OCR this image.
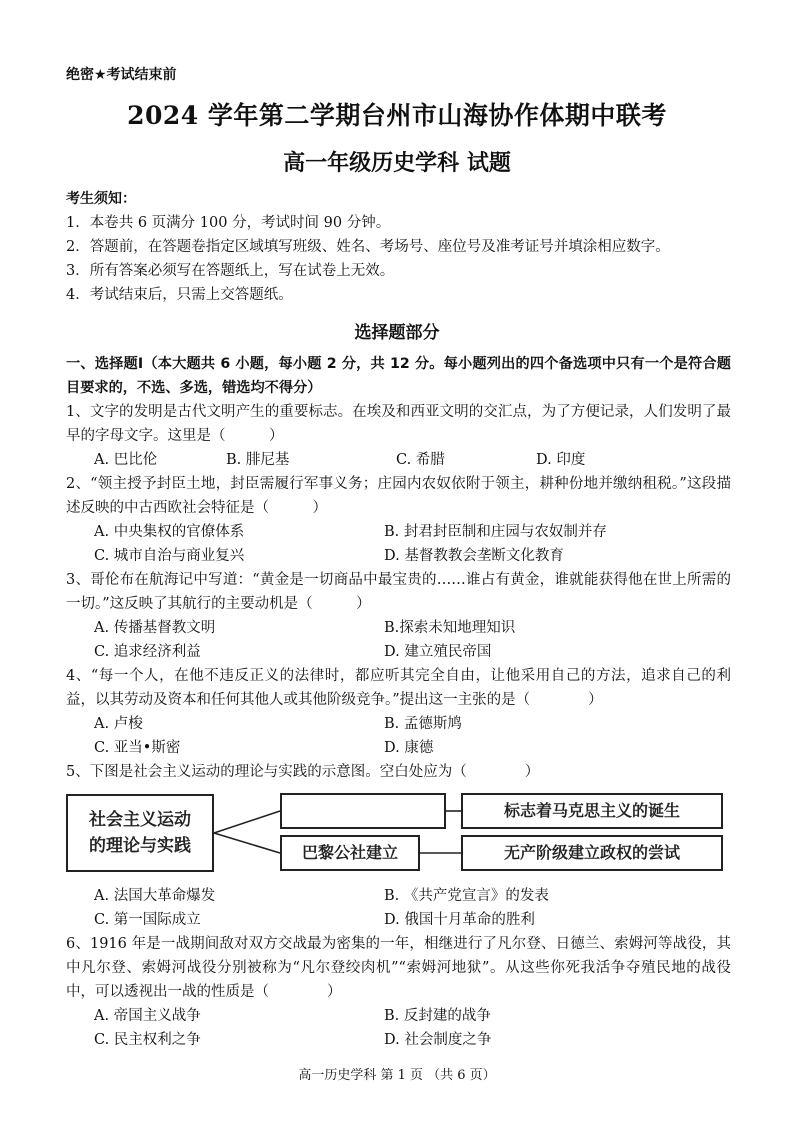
绝密★考试结束前
2024 学年第二学期台州市山海协作体期中联考
高一年级历史学科 试题
考生须知：
1．本卷共 6 页满分 100 分，考试时间 90 分钟。
2．答题前，在答题卷指定区域填写班级、姓名、考场号、座位号及准考证号并填涂相应数字。
3．所有答案必须写在答题纸上，写在试卷上无效。
4．考试结束后，只需上交答题纸。
选择题部分

一、选择题Ⅰ（本大题共 6 小题，每小题 2 分，共 12 分。每小题列出的四个备选项中只有一个是符合题目要求的，不选、多选，错选均不得分）

1、文字的发明是古代文明产生的重要标志。在埃及和西亚文明的交汇点，为了方便记录，人们发明了最早的字母文字。这里是（　　　）

A. 巴比伦	B. 腓尼基	C. 希腊	D. 印度

2、“领主授予封臣土地，封臣需履行军事义务；庄园内农奴依附于领主，耕种份地并缴纳租税。”这段描述反映的中古西欧社会特征是（　　　）

A. 中央集权的官僚体系	B. 封君封臣制和庄园与农奴制并存
C. 城市自治与商业复兴	D. 基督教教会垄断文化教育

3、哥伦布在航海记中写道：“黄金是一切商品中最宝贵的……谁占有黄金，谁就能获得他在世上所需的一切。”这反映了其航行的主要动机是（　　　）

A. 传播基督教文明	B.探索未知地理知识
C. 追求经济利益	D. 建立殖民帝国

4、“每一个人，在他不违反正义的法律时，都应听其完全自由，让他采用自己的方法，追求自己的利益，以其劳动及资本和任何其他人或其他阶级竞争。”提出这一主张的是（　　　　）

A. 卢梭	B. 孟德斯鸠
C. 亚当•斯密	D. 康德

5、下图是社会主义运动的理论与实践的示意图。空白处应为（　　　　）

社会主义运动
的理论与实践	巴黎公社建立
标志着马克思主义的诞生
无产阶级建立政权的尝试
A. 法国大革命爆发	B. 《共产党宣言》的发表
C. 第一国际成立	D. 俄国十月革命的胜利

6、1916 年是一战期间敌对双方交战最为密集的一年，相继进行了凡尔登、日德兰、索姆河等战役，其中凡尔登、索姆河战役分别被称为“凡尔登绞肉机”“索姆河地狱”。从这些你死我活争夺殖民地的战役中，可以透视出一战的性质是（　　　　）

A. 帝国主义战争	B. 反封建的战争
C. 民主权利之争	D. 社会制度之争
高一历史学科 第 1 页 （共 6 页）
